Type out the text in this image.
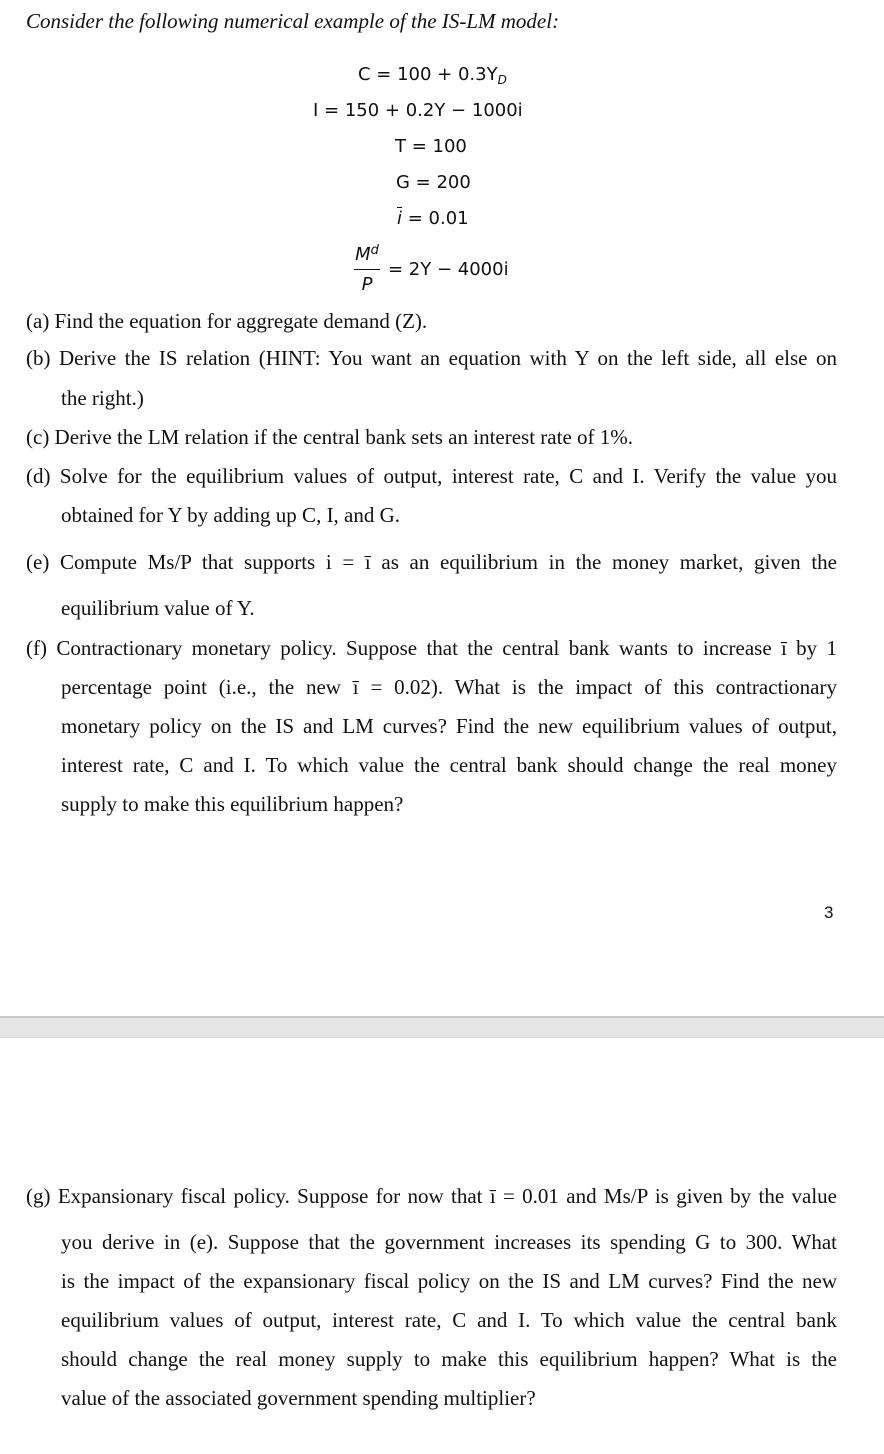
Consider the following numerical example of the IS-LM model:
$C = 100 + 0.3Y_D$
I = 150 + 0.2Y − 1000i
T = 100
G = 200
$\overline{i} = 0.01$
$M^d$
P
= 2Y − 4000i
(a) Find the equation for aggregate demand (Z).
(b) Derive the IS relation (HINT: You want an equation with Y on the left side, all else on
the right.)
(c) Derive the LM relation if the central bank sets an interest rate of 1%.
(d) Solve for the equilibrium values of output, interest rate, C and I. Verify the value you
obtained for Y by adding up C, I, and G.
(e) Compute Ms/P that supports i = ī as an equilibrium in the money market, given the
equilibrium value of Y.
(f) Contractionary monetary policy. Suppose that the central bank wants to increase ī by 1
percentage point (i.e., the new ī = 0.02). What is the impact of this contractionary
monetary policy on the IS and LM curves? Find the new equilibrium values of output,
interest rate, C and I. To which value the central bank should change the real money
supply to make this equilibrium happen?
3
(g) Expansionary fiscal policy. Suppose for now that ī = 0.01 and Ms/P is given by the value
you derive in (e). Suppose that the government increases its spending G to 300. What
is the impact of the expansionary fiscal policy on the IS and LM curves? Find the new
equilibrium values of output, interest rate, C and I. To which value the central bank
should change the real money supply to make this equilibrium happen? What is the
value of the associated government spending multiplier?
